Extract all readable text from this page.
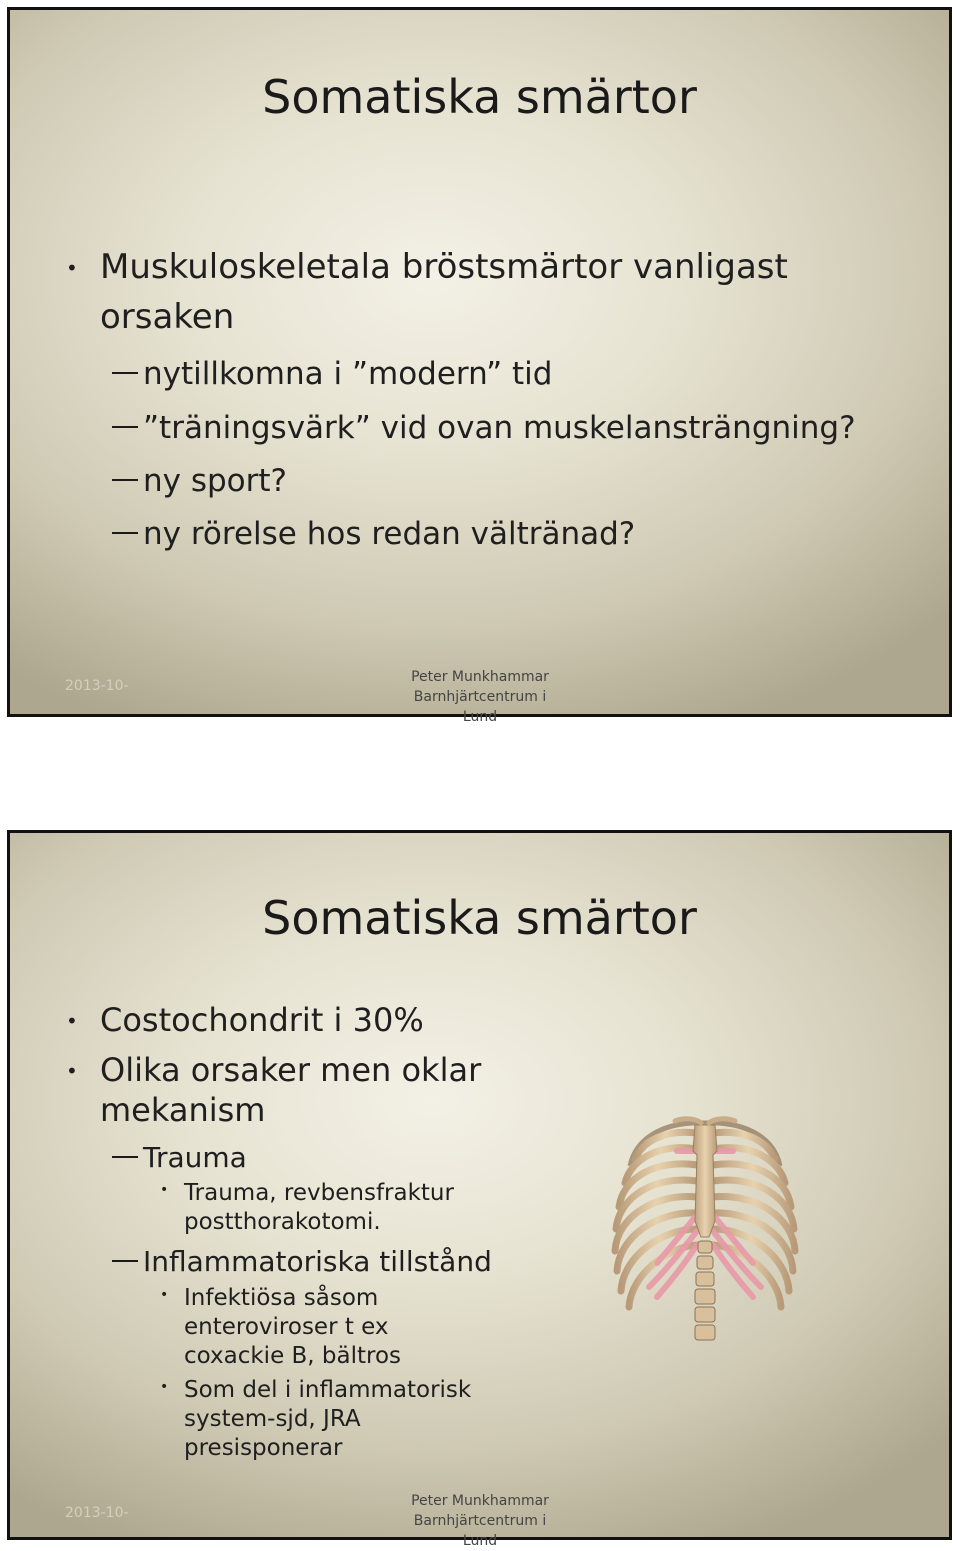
Somatiska smärtor
• Muskuloskeletala bröstsmärtor vanligast
orsaken
nytillkomna i ”modern” tid
”träningsvärk” vid ovan muskelansträngning?
ny sport?
ny rörelse hos redan vältränad?
2013-10-
Peter Munkhammar Barnhjärtcentrum i
Lund
Somatiska smärtor
• Costochondrit i 30%
• Olika orsaker men oklar
mekanism
Trauma
• Trauma, revbensfraktur
postthorakotomi.
Inflammatoriska tillstånd
• Infektiösa såsom
enteroviroser t ex
coxackie B, bältros
• Som del i inflammatorisk
system-sjd, JRA
presisponerar
2013-10-
Peter Munkhammar Barnhjärtcentrum i
Lund
